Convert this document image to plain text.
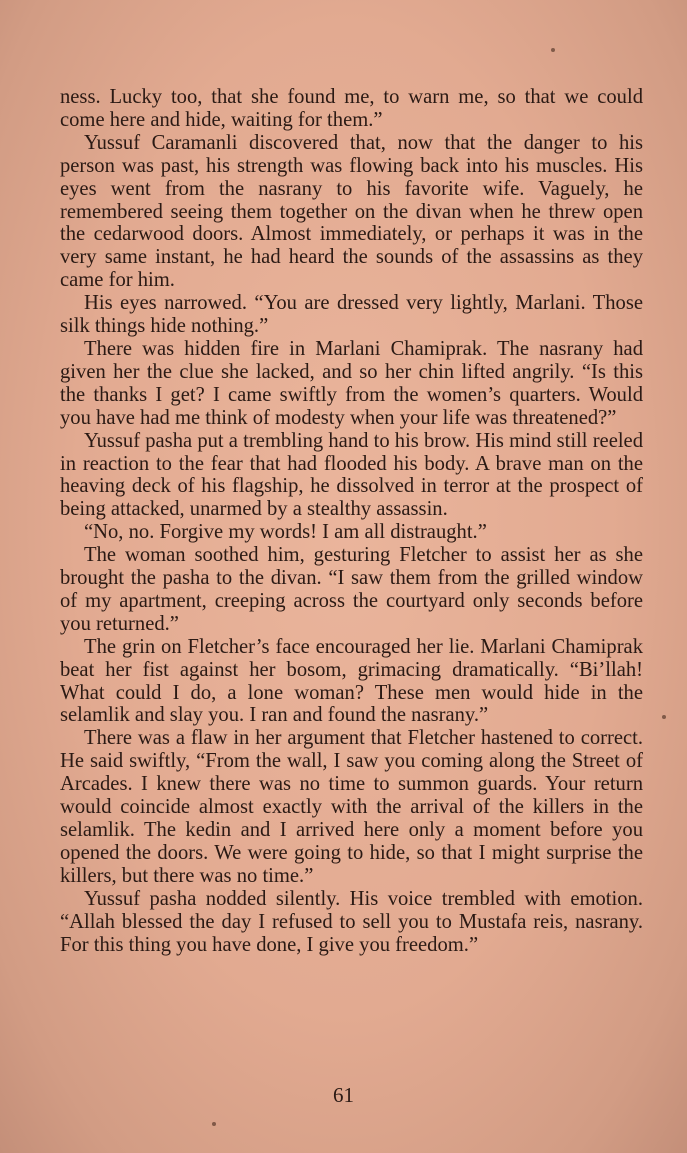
ness. Lucky too, that she found me, to warn me, so that we could come here and hide, waiting for them.”

Yussuf Caramanli discovered that, now that the danger to his person was past, his strength was flowing back into his muscles. His eyes went from the nasrany to his favorite wife. Vaguely, he remembered seeing them together on the divan when he threw open the cedarwood doors. Almost immediately, or perhaps it was in the very same instant, he had heard the sounds of the assassins as they came for him.

His eyes narrowed. “You are dressed very lightly, Marlani. Those silk things hide nothing.”

There was hidden fire in Marlani Chamiprak. The nasrany had given her the clue she lacked, and so her chin lifted angrily. “Is this the thanks I get? I came swiftly from the women’s quarters. Would you have had me think of modesty when your life was threatened?”

Yussuf pasha put a trembling hand to his brow. His mind still reeled in reaction to the fear that had flooded his body. A brave man on the heaving deck of his flagship, he dissolved in terror at the prospect of being attacked, unarmed by a stealthy assassin.

“No, no. Forgive my words! I am all distraught.”

The woman soothed him, gesturing Fletcher to assist her as she brought the pasha to the divan. “I saw them from the grilled window of my apartment, creeping across the courtyard only seconds before you returned.”

The grin on Fletcher’s face encouraged her lie. Marlani Chamiprak beat her fist against her bosom, grimacing dramatically. “Bi’llah! What could I do, a lone woman? These men would hide in the selamlik and slay you. I ran and found the nasrany.”

There was a flaw in her argument that Fletcher hastened to correct. He said swiftly, “From the wall, I saw you coming along the Street of Arcades. I knew there was no time to summon guards. Your return would coincide almost exactly with the arrival of the killers in the selamlik. The kedin and I arrived here only a moment before you opened the doors. We were going to hide, so that I might surprise the killers, but there was no time.”

Yussuf pasha nodded silently. His voice trembled with emotion. “Allah blessed the day I refused to sell you to Mustafa reis, nasrany. For this thing you have done, I give you freedom.”

61
